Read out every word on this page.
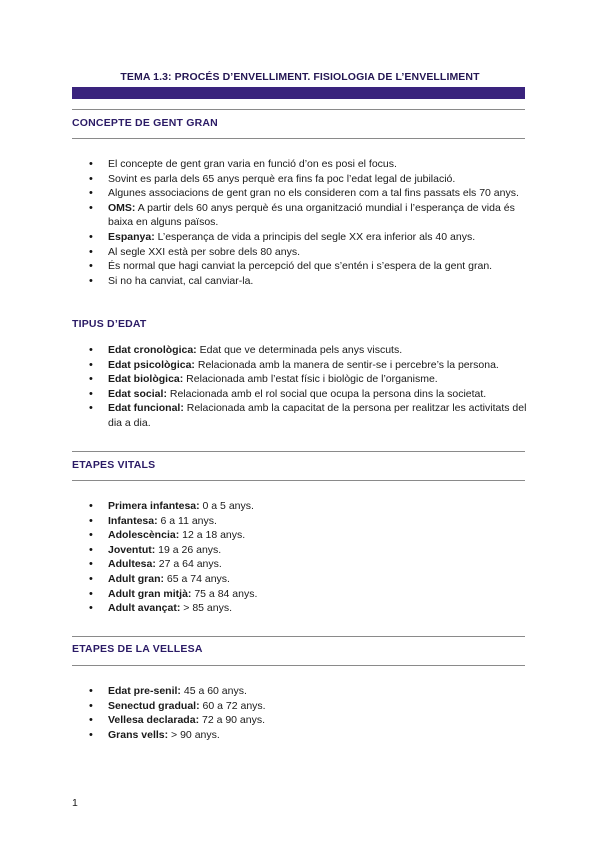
TEMA 1.3: PROCÉS D’ENVELLIMENT. FISIOLOGIA DE L’ENVELLIMENT
CONCEPTE DE GENT GRAN
• El concepte de gent gran varia en funció d’on es posi el focus.
• Sovint es parla dels 65 anys perquè era fins fa poc l’edat legal de jubilació.
• Algunes associacions de gent gran no els consideren com a tal fins passats els 70 anys.
• OMS: A partir dels 60 anys perquè és una organització mundial i l’esperança de vida és baixa en alguns països.
• Espanya: L’esperança de vida a principis del segle XX era inferior als 40 anys.
• Al segle XXI està per sobre dels 80 anys.
• És normal que hagi canviat la percepció del que s’entén i s’espera de la gent gran.
• Si no ha canviat, cal canviar-la.
TIPUS D’EDAT
• Edat cronològica: Edat que ve determinada pels anys viscuts.
• Edat psicològica: Relacionada amb la manera de sentir-se i percebre’s la persona.
• Edat biològica: Relacionada amb l’estat físic i biològic de l’organisme.
• Edat social: Relacionada amb el rol social que ocupa la persona dins la societat.
• Edat funcional: Relacionada amb la capacitat de la persona per realitzar les activitats del dia a dia.
ETAPES VITALS
• Primera infantesa: 0 a 5 anys.
• Infantesa: 6 a 11 anys.
• Adolescència: 12 a 18 anys.
• Joventut: 19 a 26 anys.
• Adultesa: 27 a 64 anys.
• Adult gran: 65 a 74 anys.
• Adult gran mitjà: 75 a 84 anys.
• Adult avançat: > 85 anys.
ETAPES DE LA VELLESA
• Edat pre-senil: 45 a 60 anys.
• Senectud gradual: 60 a 72 anys.
• Vellesa declarada: 72 a 90 anys.
• Grans vells: > 90 anys.
1
